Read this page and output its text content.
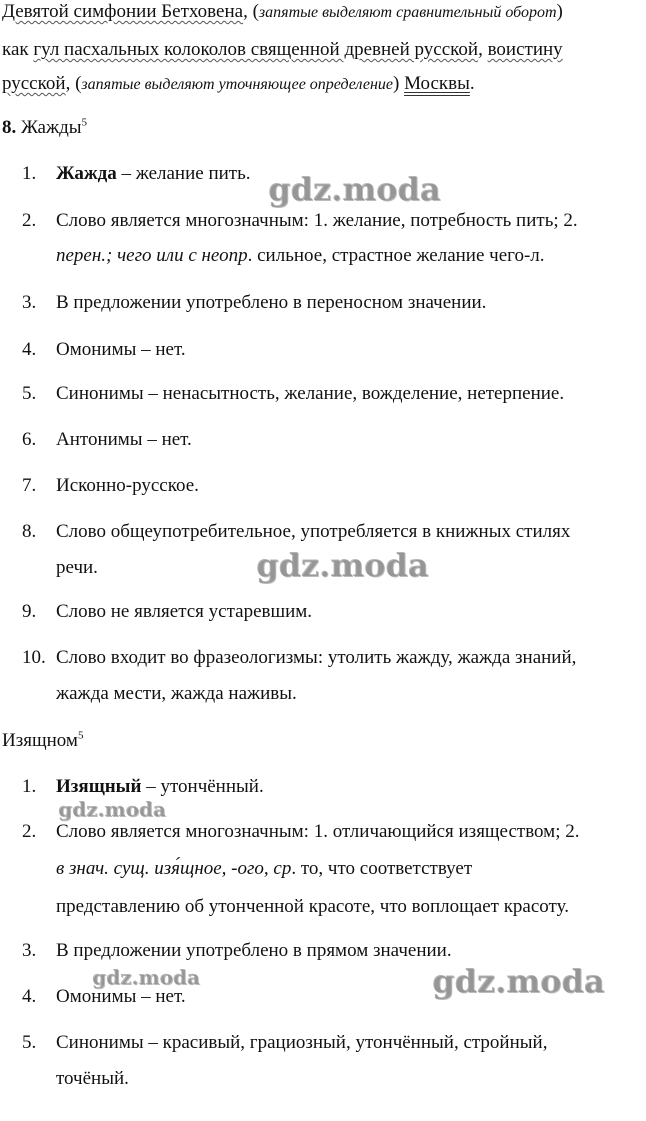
Девятой симфонии Бетховена, (запятые выделяют сравнительный оборот)
как гул пасхальных колоколов священной древней русской, воистину
русской, (запятые выделяют уточняющее определение) Москвы.
8. Жажды$^5$
1.	Жажда – желание пить.
2.	Слово является многозначным: 1. желание, потребность пить; 2.
перен.; чего или с неопр. сильное, страстное желание чего-л.
3.	В предложении употреблено в переносном значении.
4.	Омонимы – нет.
5.	Синонимы – ненасытность, желание, вожделение, нетерпение.
6.	Антонимы – нет.
7.	Исконно-русское.
8.	Слово общеупотребительное, употребляется в книжных стилях
речи.
9.	Слово не является устаревшим.
10. Слово входит во фразеологизмы: утолить жажду, жажда знаний,
жажда мести, жажда наживы.
Изящном$^5$
1.	Изящный – утончённый.
2.	Слово является многозначным: 1. отличающийся изяществом; 2.
в знач. сущ. изя́щное, -ого, ср. то, что соответствует
представлению об утонченной красоте, что воплощает красоту.
3.	В предложении употреблено в прямом значении.
4.	Омонимы – нет.
5.	Синонимы – красивый, грациозный, утончённый, стройный,
точёный.
gdz.moda
gdz.moda
gdz.moda
gdz.moda	gdz.moda
